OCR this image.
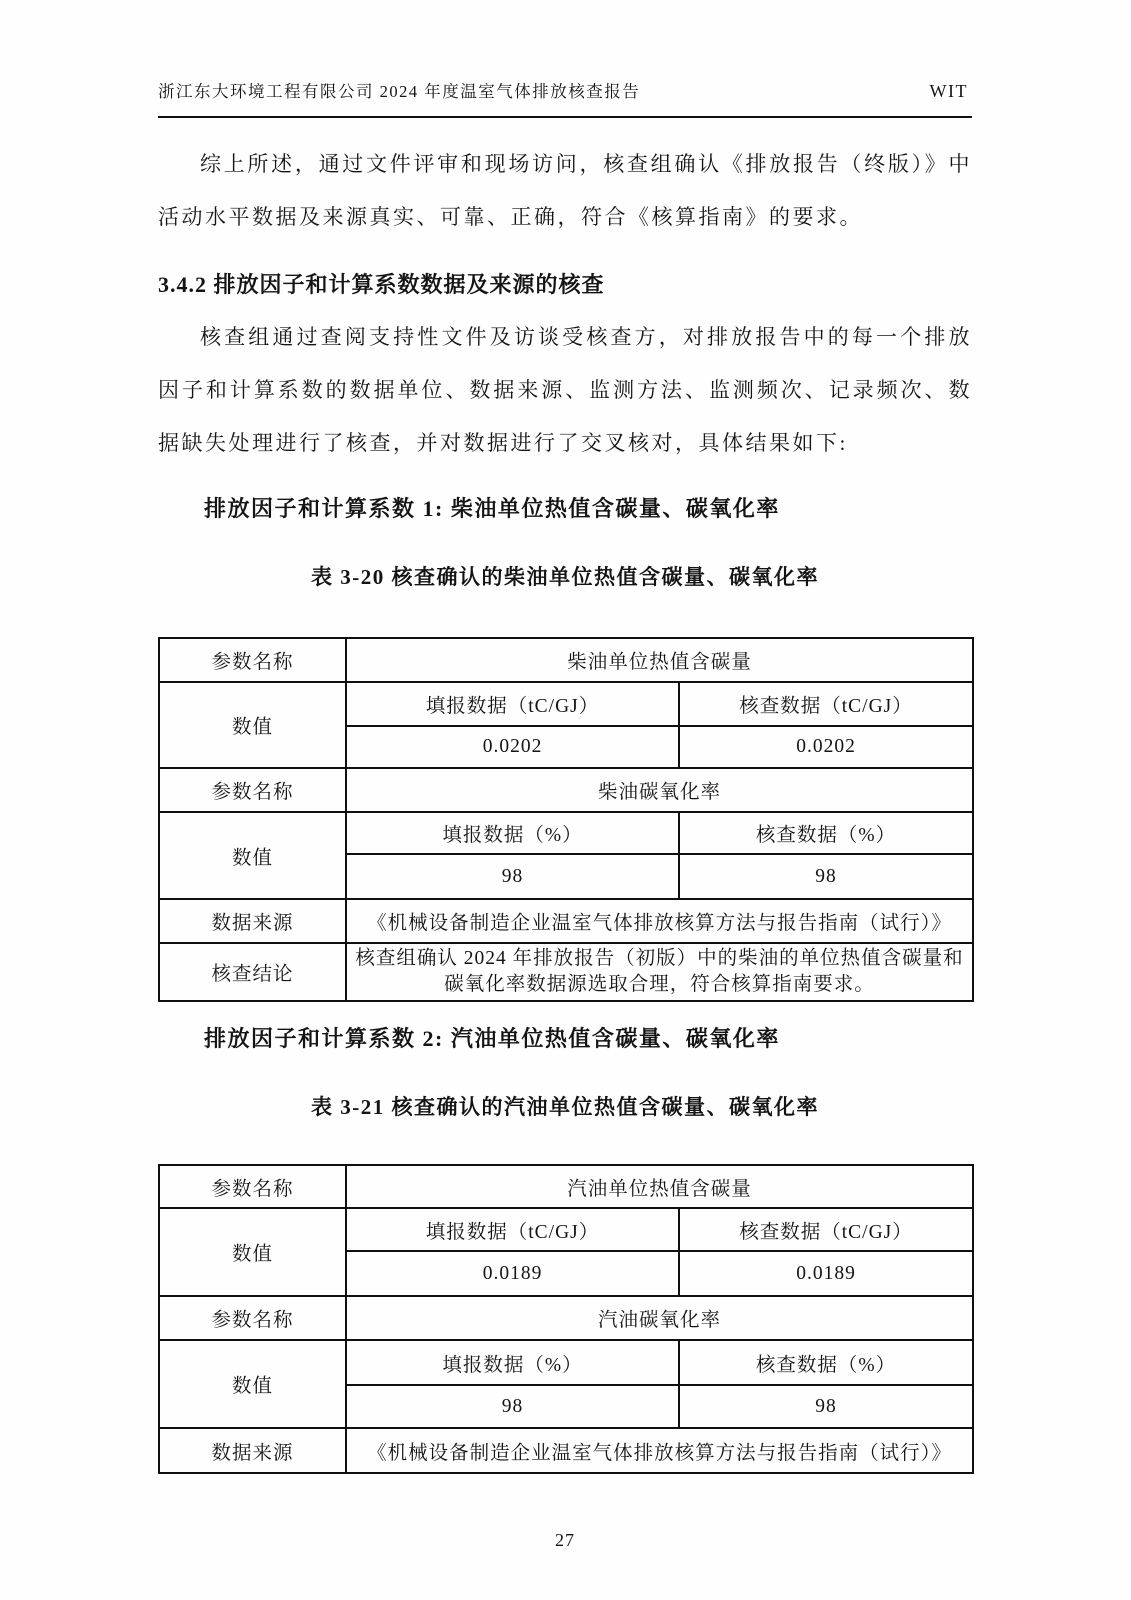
浙江东大环境工程有限公司 2024 年度温室气体排放核查报告	WIT

综上所述，通过文件评审和现场访问，核查组确认《排放报告（终版）》中活动水平数据及来源真实、可靠、正确，符合《核算指南》的要求。

3.4.2 排放因子和计算系数数据及来源的核查

核查组通过查阅支持性文件及访谈受核查方，对排放报告中的每一个排放因子和计算系数的数据单位、数据来源、监测方法、监测频次、记录频次、数据缺失处理进行了核查，并对数据进行了交叉核对，具体结果如下:

排放因子和计算系数 1: 柴油单位热值含碳量、碳氧化率
表 3-20 核查确认的柴油单位热值含碳量、碳氧化率
参数名称	柴油单位热值含碳量	
数值	填报数据（tC/GJ）	核查数据（tC/GJ）
	0.0202	0.0202
参数名称	柴油碳氧化率	
数值	填报数据（%）	核查数据（%）
	98	98
数据来源	《机械设备制造企业温室气体排放核算方法与报告指南（试行）》	
核查结论	核查组确认 2024 年排放报告（初版）中的柴油的单位热值含碳量和碳氧化率数据源选取合理，符合核算指南要求。	
排放因子和计算系数 2: 汽油单位热值含碳量、碳氧化率
表 3-21 核查确认的汽油单位热值含碳量、碳氧化率
参数名称	汽油单位热值含碳量	
数值	填报数据（tC/GJ）	核查数据（tC/GJ）
	0.0189	0.0189
参数名称	汽油碳氧化率	
数值	填报数据（%）	核查数据（%）
	98	98
数据来源	《机械设备制造企业温室气体排放核算方法与报告指南（试行）》	
27
